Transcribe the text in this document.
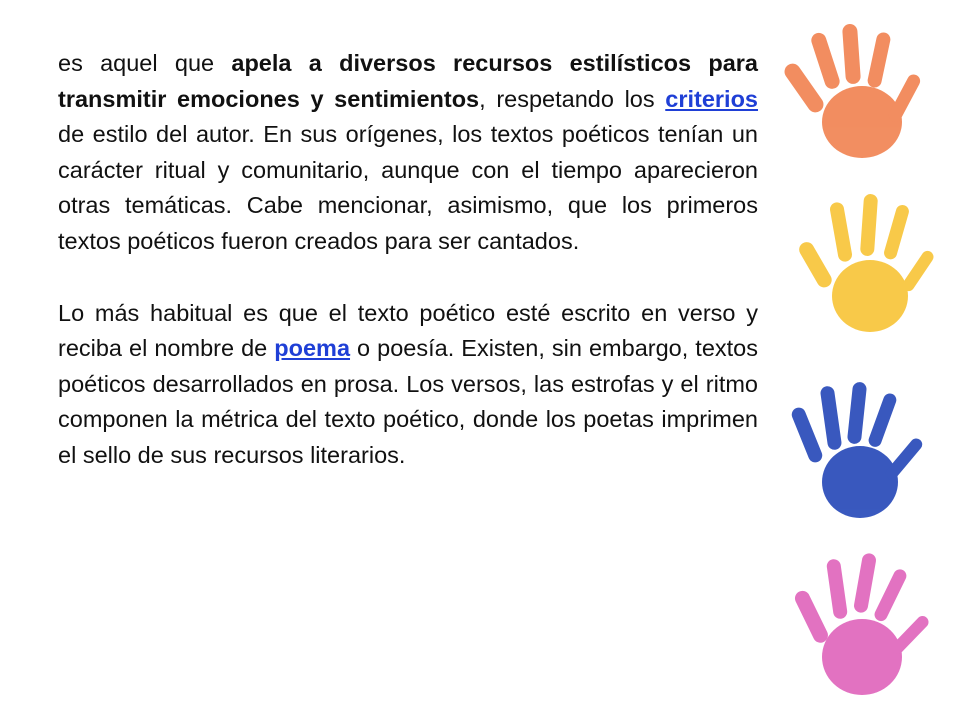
es aquel que apela a diversos recursos estilísticos para transmitir emociones y sentimientos, respetando los criterios de estilo del autor. En sus orígenes, los textos poéticos tenían un carácter ritual y comunitario, aunque con el tiempo aparecieron otras temáticas. Cabe mencionar, asimismo, que los primeros textos poéticos fueron creados para ser cantados.

Lo más habitual es que el texto poético esté escrito en verso y reciba el nombre de poema o poesía. Existen, sin embargo, textos poéticos desarrollados en prosa. Los versos, las estrofas y el ritmo componen la métrica del texto poético, donde los poetas imprimen el sello de sus recursos literarios.
